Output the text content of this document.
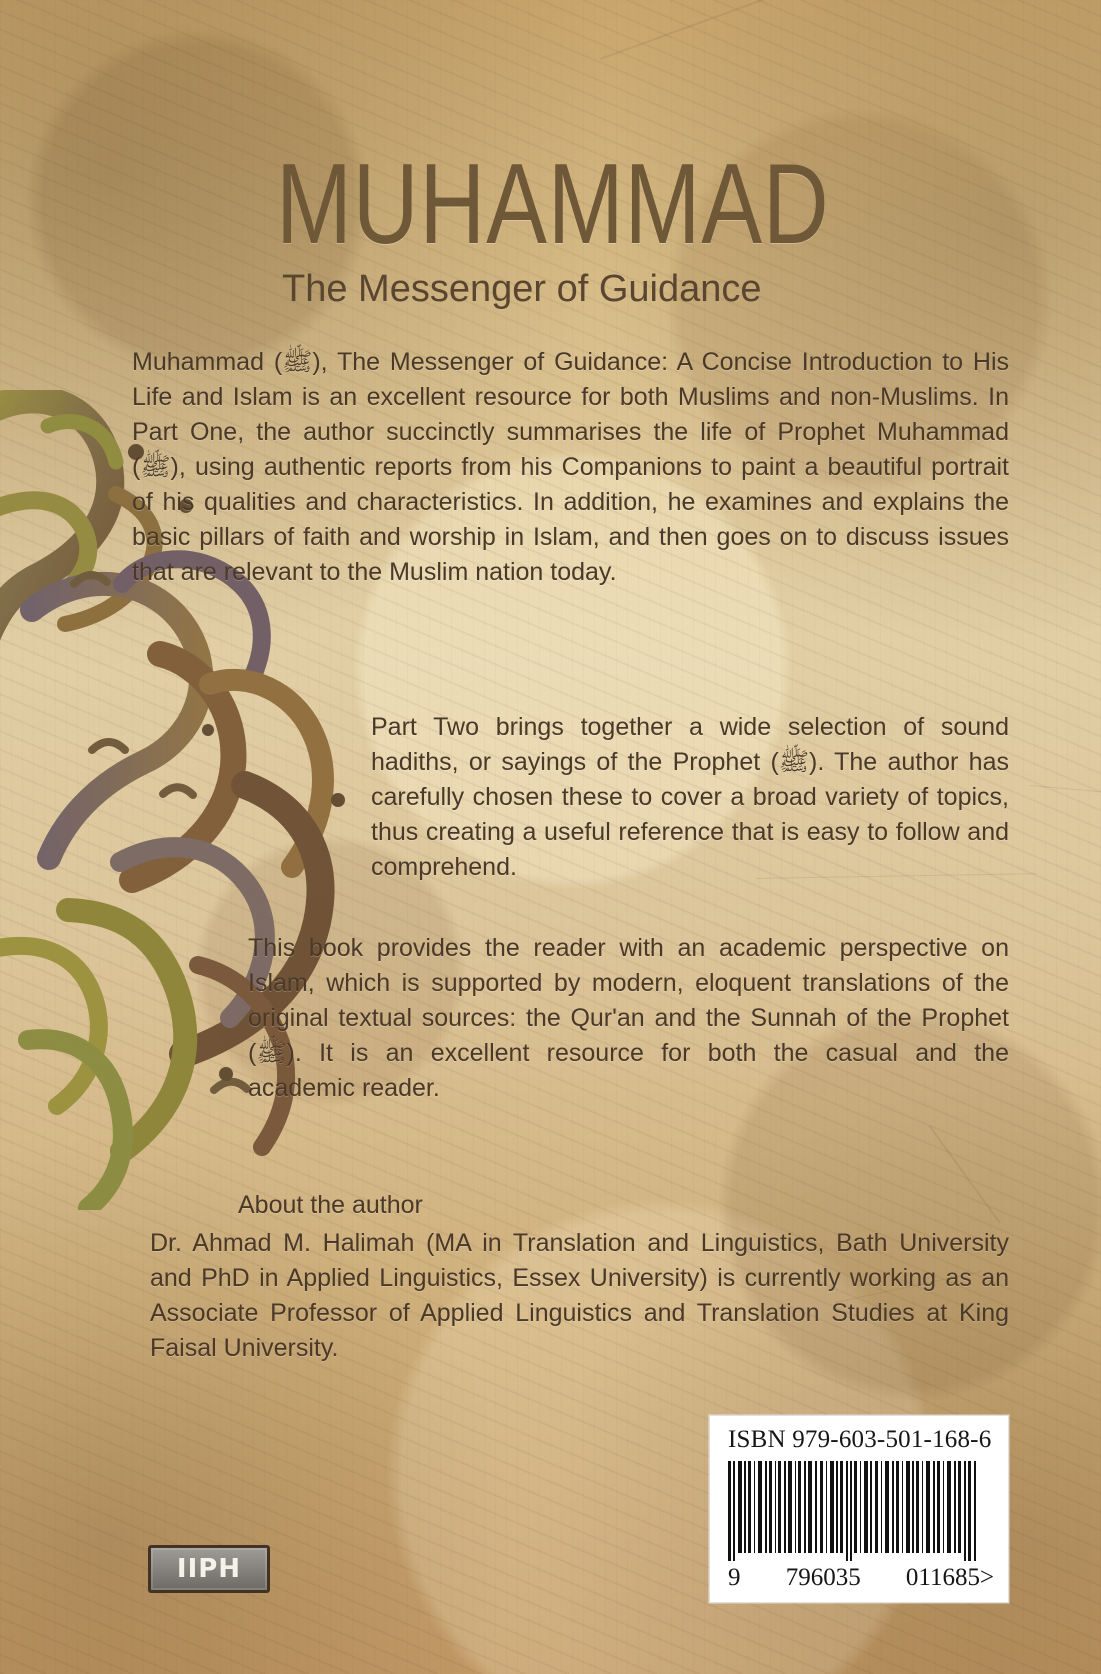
MUHAMMAD
The Messenger of Guidance

Muhammad (ﷺ), The Messenger of Guidance: A Concise Introduction to His Life and Islam is an excellent resource for both Muslims and non-Muslims. In Part One, the author succinctly summarises the life of Prophet Muhammad (ﷺ), using authentic reports from his Companions to paint a beautiful portrait of his qualities and characteristics. In addition, he examines and explains the basic pillars of faith and worship in Islam, and then goes on to discuss issues that are relevant to the Muslim nation today.

Part Two brings together a wide selection of sound hadiths, or sayings of the Prophet (ﷺ). The author has carefully chosen these to cover a broad variety of topics, thus creating a useful reference that is easy to follow and comprehend.

This book provides the reader with an academic perspective on Islam, which is supported by modern, eloquent translations of the original textual sources: the Qur'an and the Sunnah of the Prophet (ﷺ). It is an excellent resource for both the casual and the academic reader.

About the author

Dr. Ahmad M. Halimah (MA in Translation and Linguistics, Bath University and PhD in Applied Linguistics, Essex University) is currently working as an Associate Professor of Applied Linguistics and Translation Studies at King Faisal University.

IIPH
ISBN 979-603-501-168-6
9 796035 011685 >
